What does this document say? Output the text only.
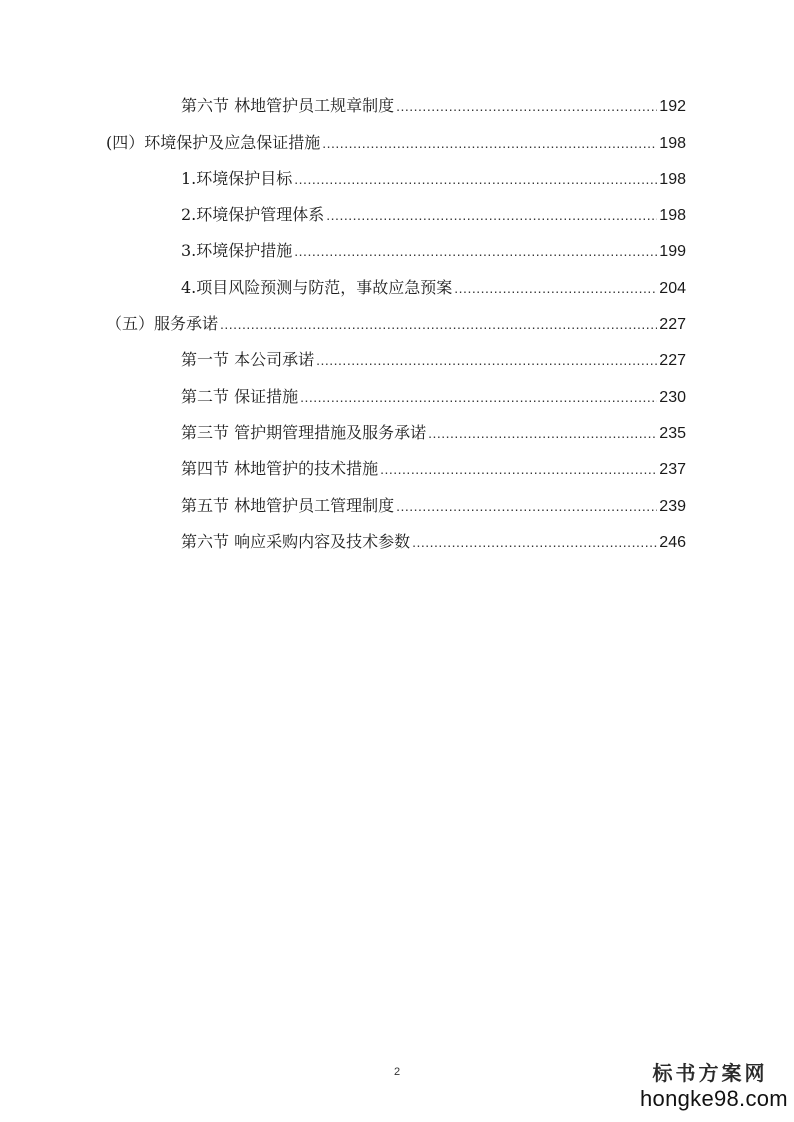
第六节 林地管护员工规章制度 .....	192
(四）环境保护及应急保证措施 .....	198
1.环境保护目标 .....	198
2.环境保护管理体系 .....	198
3.环境保护措施 .....	199
4.项目风险预测与防范，事故应急预案 .....	204
（五）服务承诺 .....	227
第一节 本公司承诺 .....	227
第二节 保证措施 .....	230
第三节 管护期管理措施及服务承诺 .....	235
第四节 林地管护的技术措施 .....	237
第五节 林地管护员工管理制度 .....	239
第六节 响应采购内容及技术参数 .....	246
2	标书方案网
hongke98.com
